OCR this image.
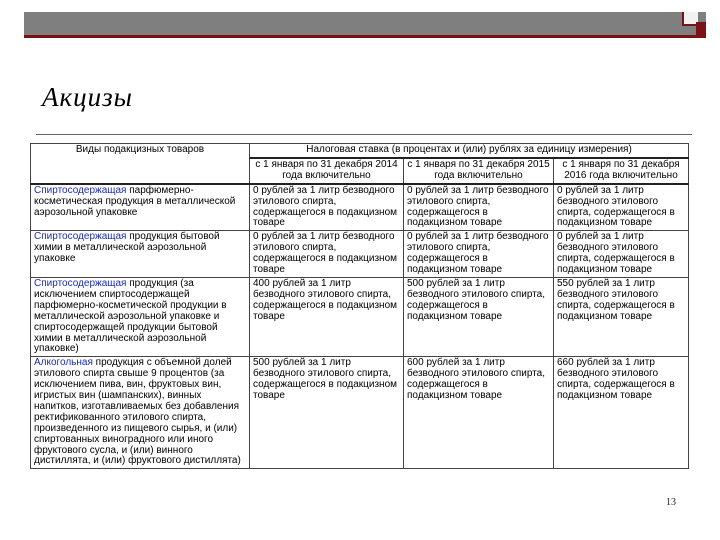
Акцизы
Виды подакцизных товаров	Налоговая ставка (в процентах и (или) рублях за единицу измерения)		
	с 1 января по 31 декабря 2014 года включительно	с 1 января по 31 декабря 2015 года включительно	с 1 января по 31 декабря 2016 года включительно
Спиртосодержащая парфюмерно-косметическая продукция в металлической аэрозольной упаковке	0 рублей за 1 литр безводного этилового спирта, содержащегося в подакцизном товаре	0 рублей за 1 литр безводного этилового спирта, содержащегося в подакцизном товаре	0 рублей за 1 литр безводного этилового спирта, содержащегося в подакцизном товаре
Спиртосодержащая продукция бытовой химии в металлической аэрозольной упаковке	0 рублей за 1 литр безводного этилового спирта, содержащегося в подакцизном товаре	0 рублей за 1 литр безводного этилового спирта, содержащегося в подакцизном товаре	0 рублей за 1 литр безводного этилового спирта, содержащегося в подакцизном товаре
Спиртосодержащая продукция (за исключением спиртосодержащей парфюмерно-косметической продукции в металлической аэрозольной упаковке и спиртосодержащей продукции бытовой химии в металлической аэрозольной упаковке)	400 рублей за 1 литр безводного этилового спирта, содержащегося в подакцизном товаре	500 рублей за 1 литр безводного этилового спирта, содержащегося в подакцизном товаре	550 рублей за 1 литр безводного этилового спирта, содержащегося в подакцизном товаре
Алкогольная продукция с объемной долей этилового спирта свыше 9 процентов (за исключением пива, вин, фруктовых вин, игристых вин (шампанских), винных напитков, изготавливаемых без добавления ректификованного этилового спирта, произведенного из пищевого сырья, и (или) спиртованных виноградного или иного фруктового сусла, и (или) винного дистиллята, и (или) фруктового дистиллята)	500 рублей за 1 литр безводного этилового спирта, содержащегося в подакцизном товаре	600 рублей за 1 литр безводного этилового спирта, содержащегося в подакцизном товаре	660 рублей за 1 литр безводного этилового спирта, содержащегося в подакцизном товаре
13
